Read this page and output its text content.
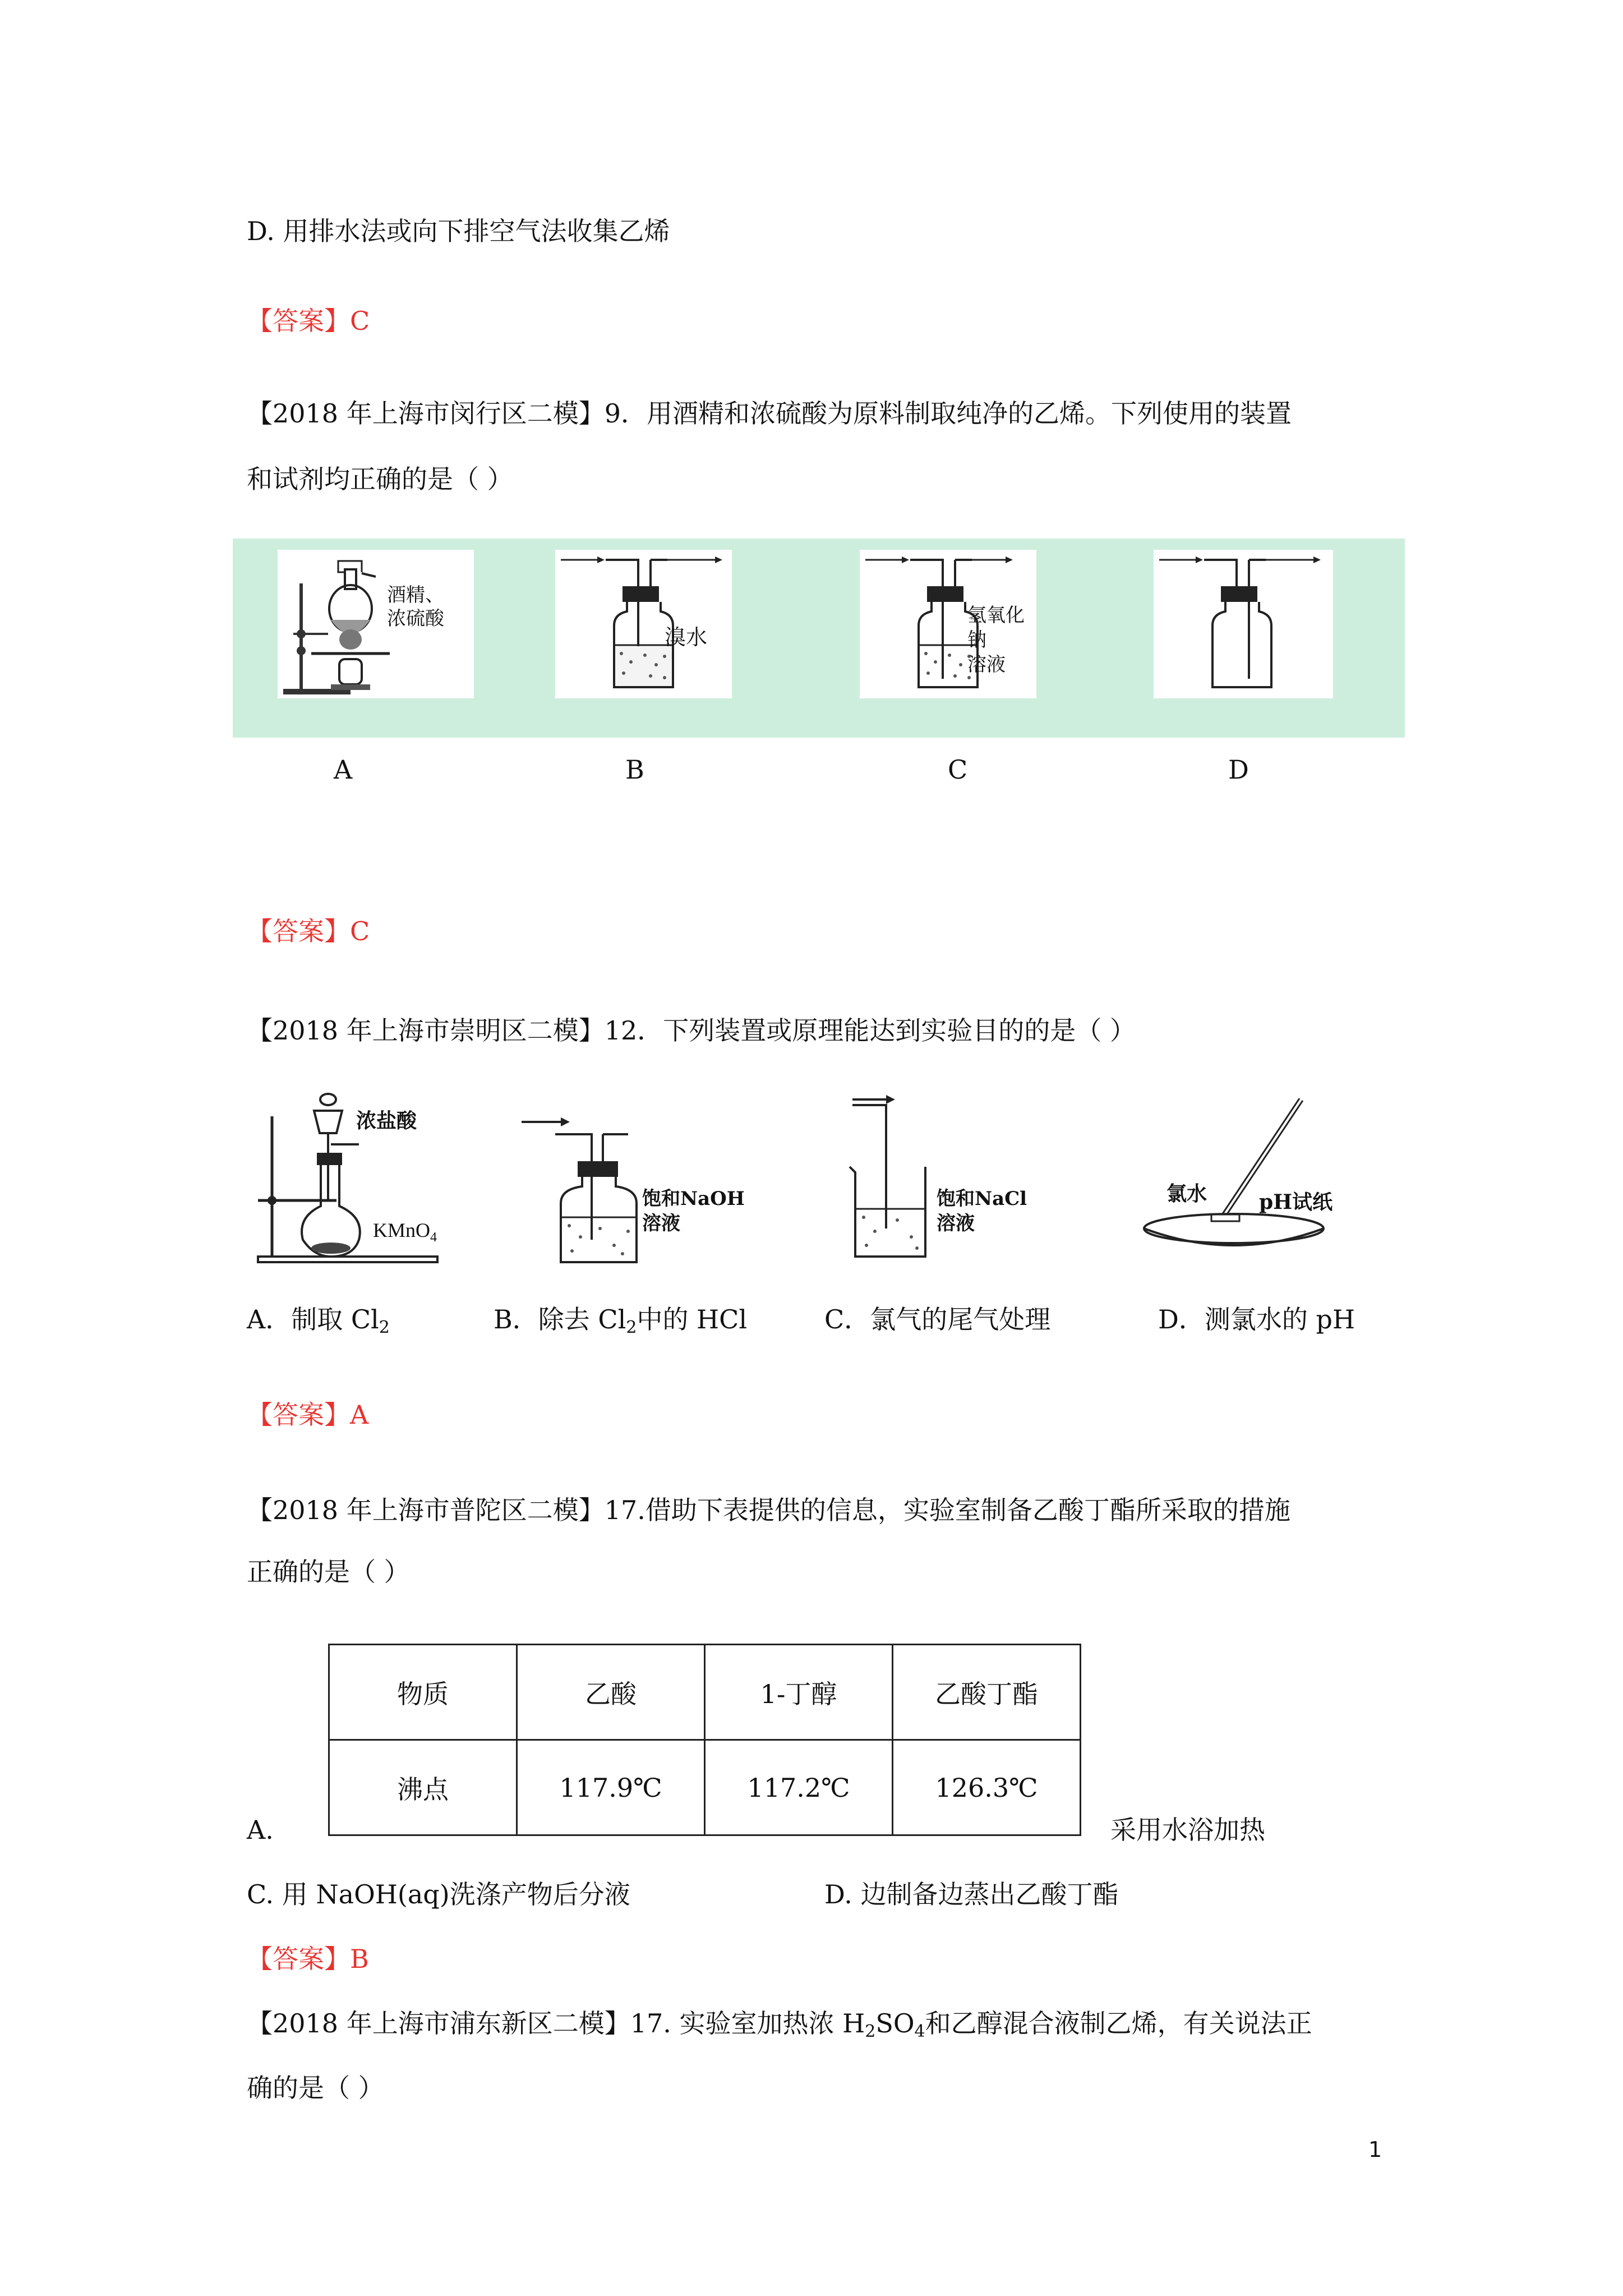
D. 用排水法或向下排空气法收集乙烯
【答案】C
【2018 年上海市闵行区二模】9．用酒精和浓硫酸为原料制取纯净的乙烯。下列使用的装置
和试剂均正确的是（ ）
酒精、
浓硫酸
溴水
氢氧化钠
溶液
A	B	C	D
【答案】C
【2018 年上海市崇明区二模】12．下列装置或原理能达到实验目的的是（ ）
浓盐酸
KMnO$_4$
饱和NaOH
溶液
饱和NaCl
溶液
氯水	pH试纸
A．制取 $Cl_2$	B．除去 $Cl_2$中的 HCl	C．氯气的尾气处理	D．测氯水的 pH
【答案】A
【2018 年上海市普陀区二模】17.借助下表提供的信息，实验室制备乙酸丁酯所采取的措施
正确的是（ ）
物质	乙酸	1-丁醇	乙酸丁酯
沸点	117.9℃	117.2℃	126.3℃
A.	采用水浴加热
C. 用 NaOH(aq)洗涤产物后分液	D. 边制备边蒸出乙酸丁酯
【答案】B
【2018 年上海市浦东新区二模】17. 实验室加热浓 $H_2SO_4$和乙醇混合液制乙烯，有关说法正
确的是（ ）
1
